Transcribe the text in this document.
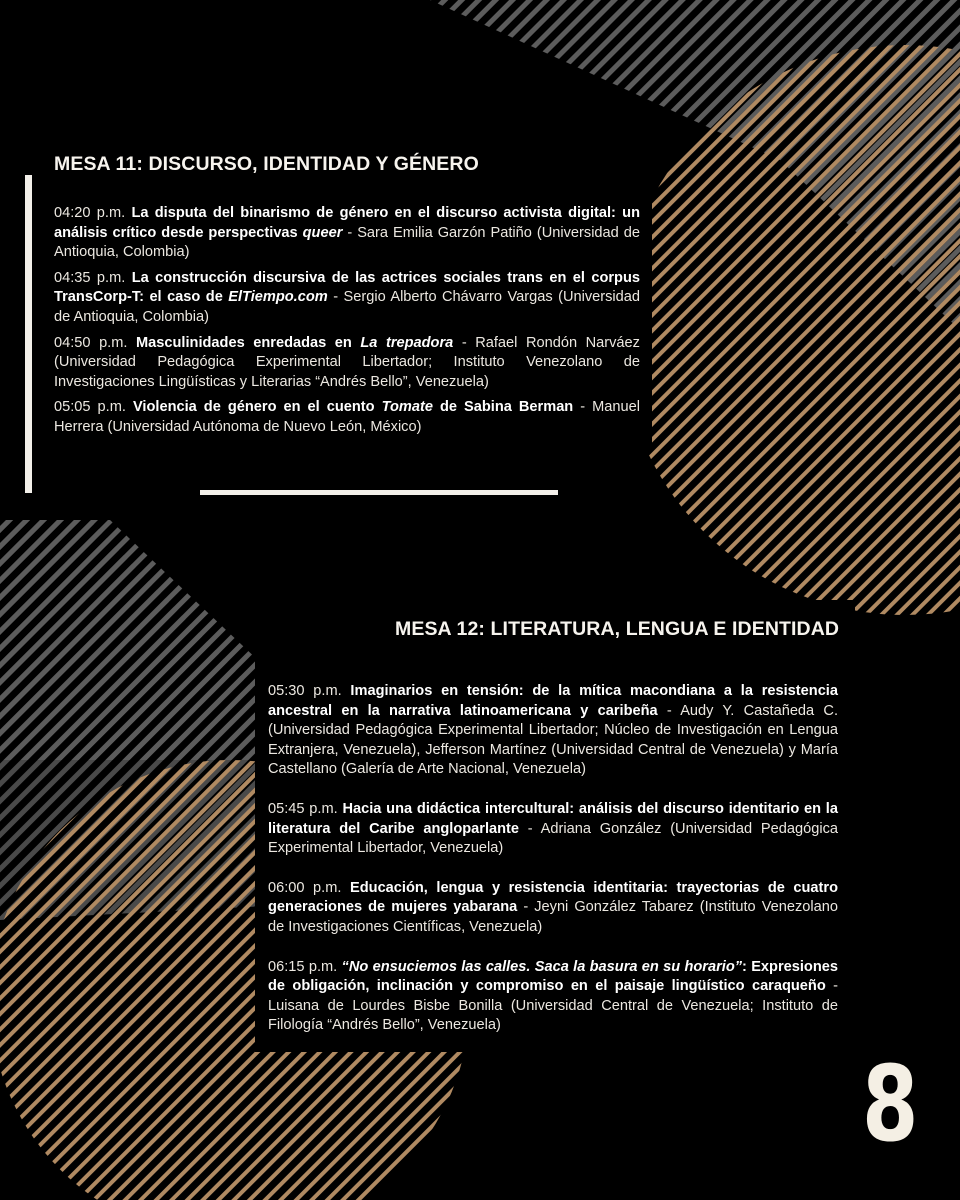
MESA 11: DISCURSO, IDENTIDAD Y GÉNERO

04:20 p.m. La disputa del binarismo de género en el discurso activista digital: un análisis crítico desde perspectivas queer - Sara Emilia Garzón Patiño (Universidad de Antioquia, Colombia)

04:35 p.m. La construcción discursiva de las actrices sociales trans en el corpus TransCorp-T: el caso de ElTiempo.com - Sergio Alberto Chávarro Vargas (Universidad de Antioquia, Colombia)

04:50 p.m. Masculinidades enredadas en La trepadora - Rafael Rondón Narváez (Universidad Pedagógica Experimental Libertador; Instituto Venezolano de Investigaciones Lingüísticas y Literarias “Andrés Bello”, Venezuela)

05:05 p.m. Violencia de género en el cuento Tomate de Sabina Berman - Manuel Herrera (Universidad Autónoma de Nuevo León, México)

MESA 12: LITERATURA, LENGUA E IDENTIDAD

05:30 p.m. Imaginarios en tensión: de la mítica macondiana a la resistencia ancestral en la narrativa latinoamericana y caribeña - Audy Y. Castañeda C. (Universidad Pedagógica Experimental Libertador; Núcleo de Investigación en Lengua Extranjera, Venezuela), Jefferson Martínez (Universidad Central de Venezuela) y María Castellano (Galería de Arte Nacional, Venezuela)

05:45 p.m. Hacia una didáctica intercultural: análisis del discurso identitario en la literatura del Caribe angloparlante - Adriana González (Universidad Pedagógica Experimental Libertador, Venezuela)

06:00 p.m. Educación, lengua y resistencia identitaria: trayectorias de cuatro generaciones de mujeres yabarana - Jeyni González Tabarez (Instituto Venezolano de Investigaciones Científicas, Venezuela)

06:15 p.m. “No ensuciemos las calles. Saca la basura en su horario”: Expresiones de obligación, inclinación y compromiso en el paisaje lingüístico caraqueño - Luisana de Lourdes Bisbe Bonilla (Universidad Central de Venezuela; Instituto de Filología “Andrés Bello”, Venezuela)

8
